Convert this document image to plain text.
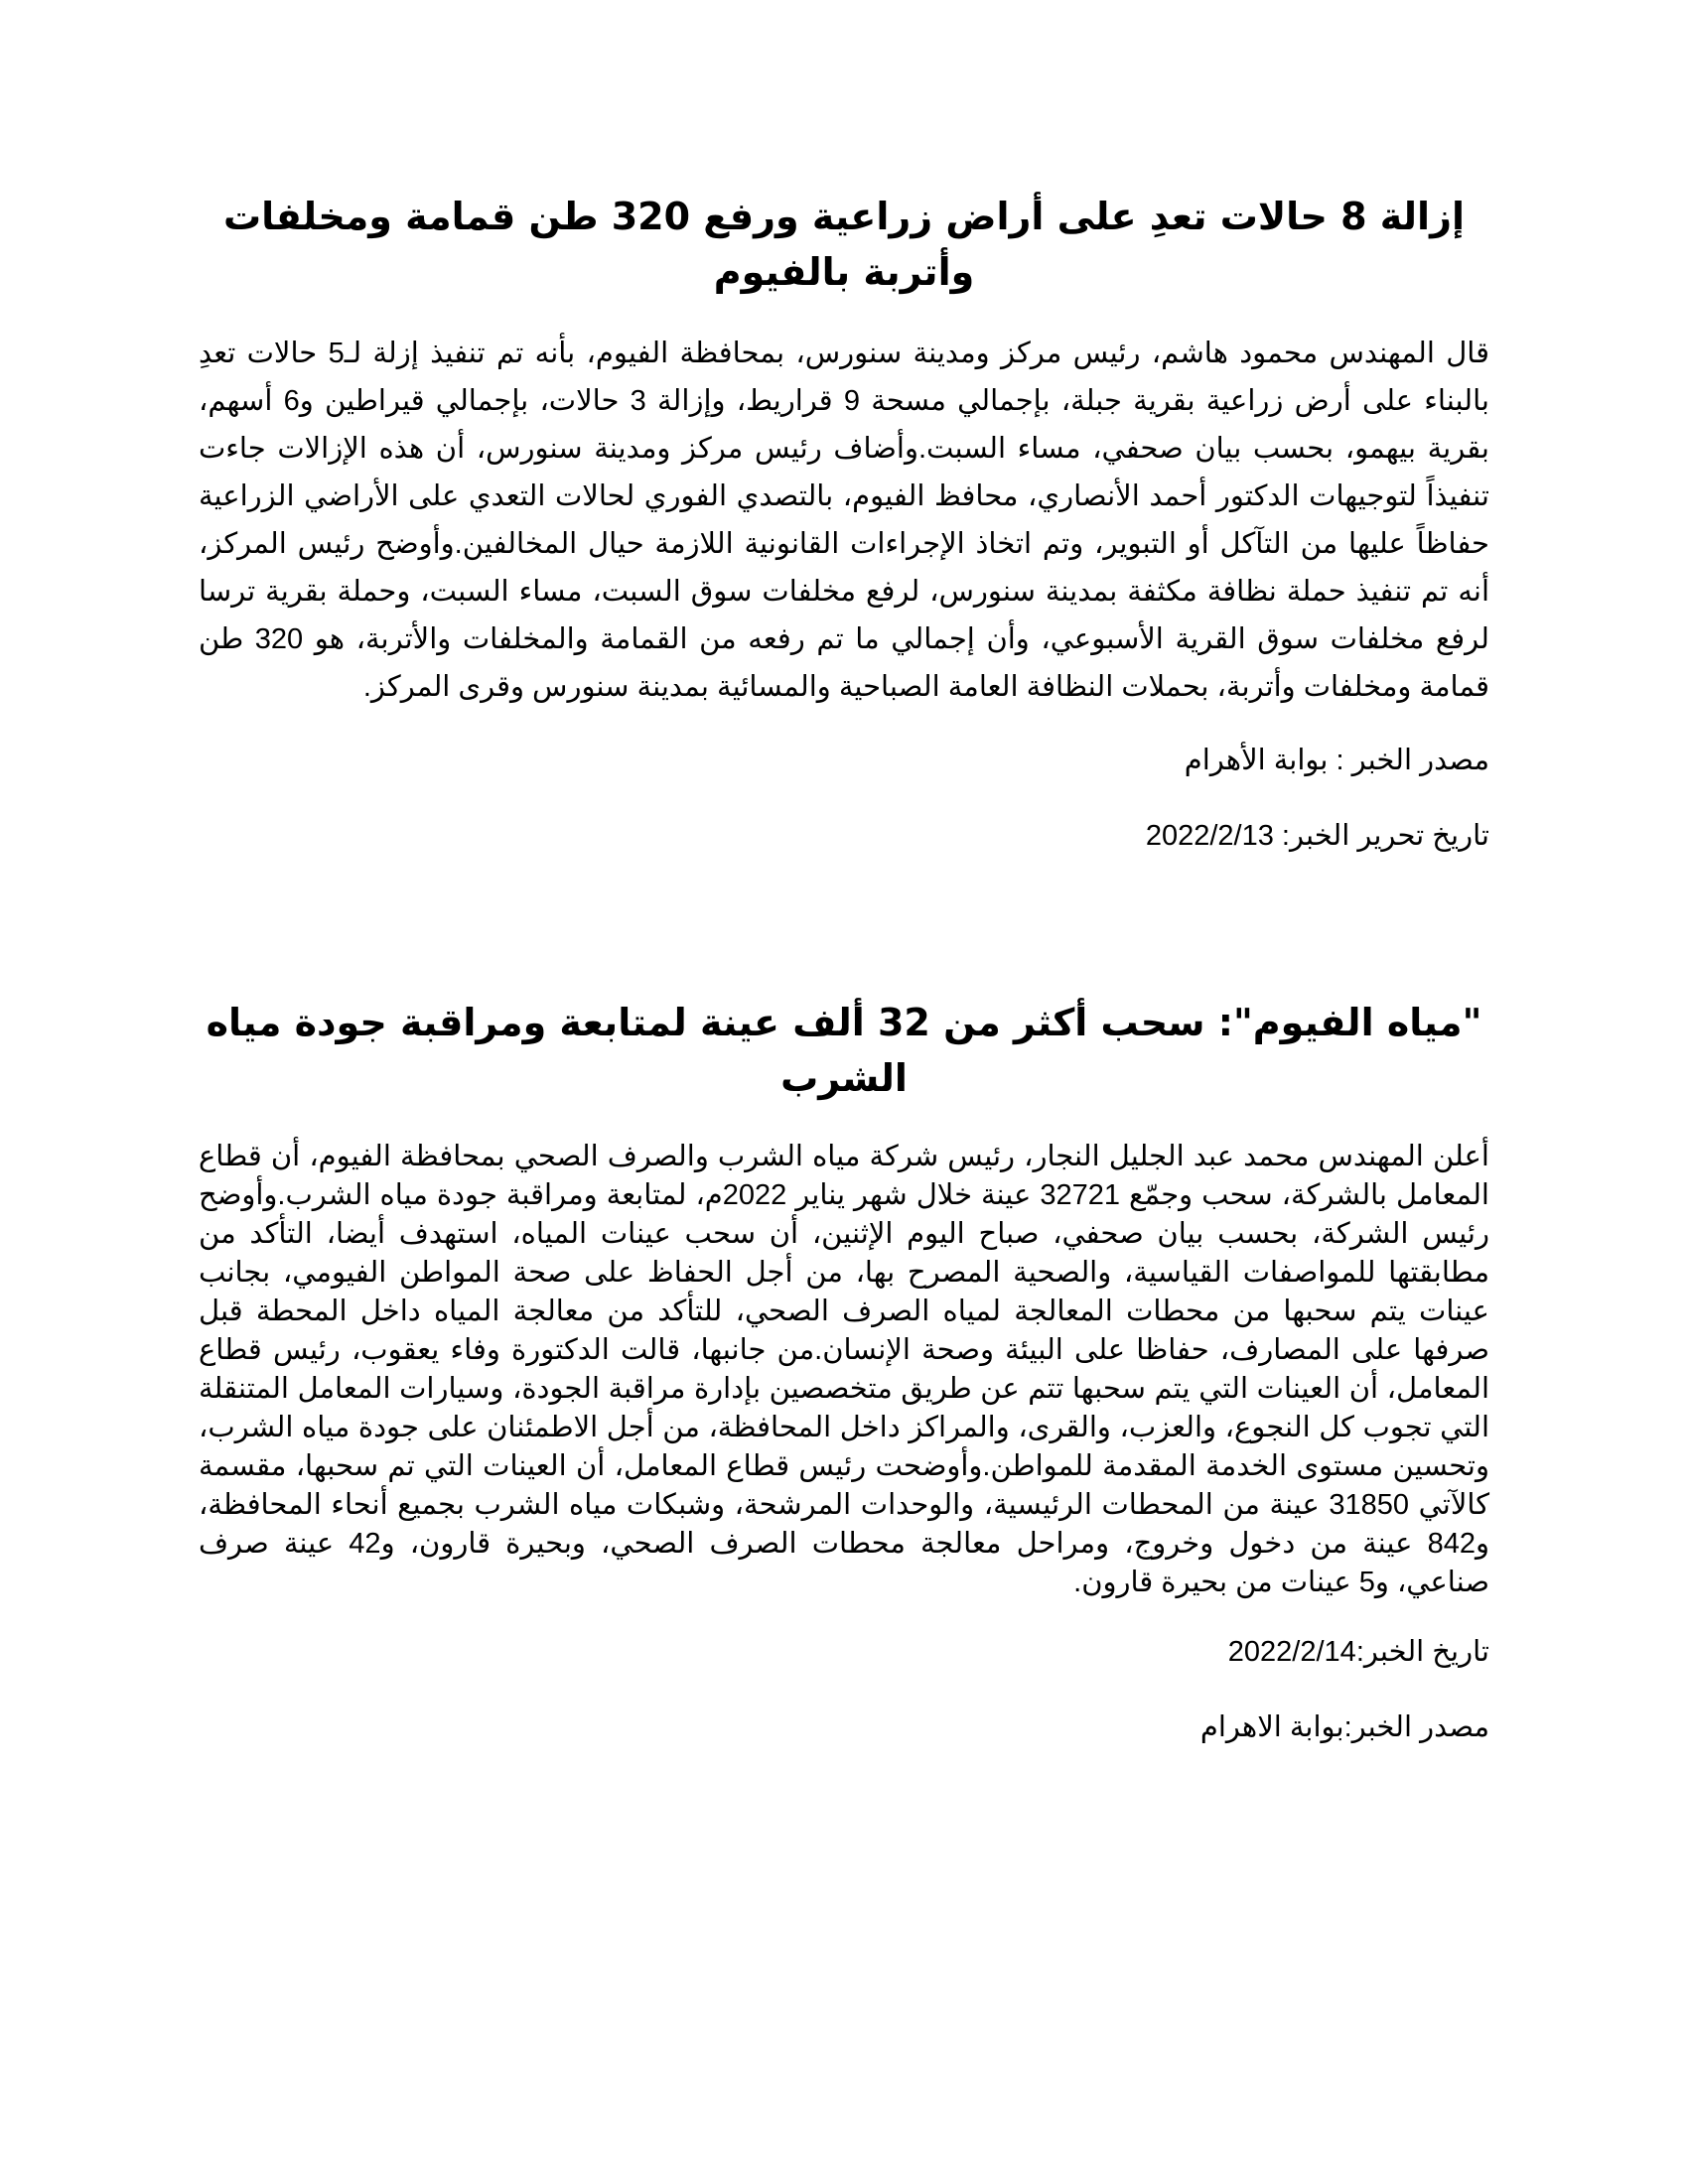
إزالة 8 حالات تعدِ على أراض زراعية ورفع 320 طن قمامة ومخلفات وأتربة بالفيوم

قال المهندس محمود هاشم، رئيس مركز ومدينة سنورس، بمحافظة الفيوم، بأنه تم تنفيذ إزلة لـ5 حالات تعدِ بالبناء على أرض زراعية بقرية جبلة، بإجمالي مسحة 9 قراريط، وإزالة 3 حالات، بإجمالي قيراطين و6 أسهم، بقرية بيهمو، بحسب بيان صحفي، مساء السبت.وأضاف رئيس مركز ومدينة سنورس، أن هذه الإزالات جاءت تنفيذاً لتوجيهات الدكتور أحمد الأنصاري، محافظ الفيوم، بالتصدي الفوري لحالات التعدي على الأراضي الزراعية حفاظاً عليها من التآكل أو التبوير، وتم اتخاذ الإجراءات القانونية اللازمة حيال المخالفين.وأوضح رئيس المركز، أنه تم تنفيذ حملة نظافة مكثفة بمدينة سنورس، لرفع مخلفات سوق السبت، مساء السبت، وحملة بقرية ترسا لرفع مخلفات سوق القرية الأسبوعي، وأن إجمالي ما تم رفعه من القمامة والمخلفات والأتربة، هو 320 طن قمامة ومخلفات وأتربة، بحملات النظافة العامة الصباحية والمسائية بمدينة سنورس وقرى المركز.

مصدر الخبر : بوابة الأهرام

تاريخ تحرير الخبر: 2022/2/13

"مياه الفيوم": سحب أكثر من 32 ألف عينة لمتابعة ومراقبة جودة مياه الشرب

أعلن المهندس محمد عبد الجليل النجار، رئيس شركة مياه الشرب والصرف الصحي بمحافظة الفيوم، أن قطاع المعامل بالشركة، سحب وجمّع 32721 عينة خلال شهر يناير 2022م، لمتابعة ومراقبة جودة مياه الشرب.وأوضح رئيس الشركة، بحسب بيان صحفي، صباح اليوم الإثنين، أن سحب عينات المياه، استهدف أيضا، التأكد من مطابقتها للمواصفات القياسية، والصحية المصرح بها، من أجل الحفاظ على صحة المواطن الفيومي، بجانب عينات يتم سحبها من محطات المعالجة لمياه الصرف الصحي، للتأكد من معالجة المياه داخل المحطة قبل صرفها على المصارف، حفاظا على البيئة وصحة الإنسان.من جانبها، قالت الدكتورة وفاء يعقوب، رئيس قطاع المعامل، أن العينات التي يتم سحبها تتم عن طريق متخصصين بإدارة مراقبة الجودة، وسيارات المعامل المتنقلة التي تجوب كل النجوع، والعزب، والقرى، والمراكز داخل المحافظة، من أجل الاطمئنان على جودة مياه الشرب، وتحسين مستوى الخدمة المقدمة للمواطن.وأوضحت رئيس قطاع المعامل، أن العينات التي تم سحبها، مقسمة كالآتي 31850 عينة من المحطات الرئيسية، والوحدات المرشحة، وشبكات مياه الشرب بجميع أنحاء المحافظة، و842 عينة من دخول وخروج، ومراحل معالجة محطات الصرف الصحي، وبحيرة قارون، و42 عينة صرف صناعي، و5 عينات من بحيرة قارون.

تاريخ الخبر:2022/2/14

مصدر الخبر:بوابة الاهرام
